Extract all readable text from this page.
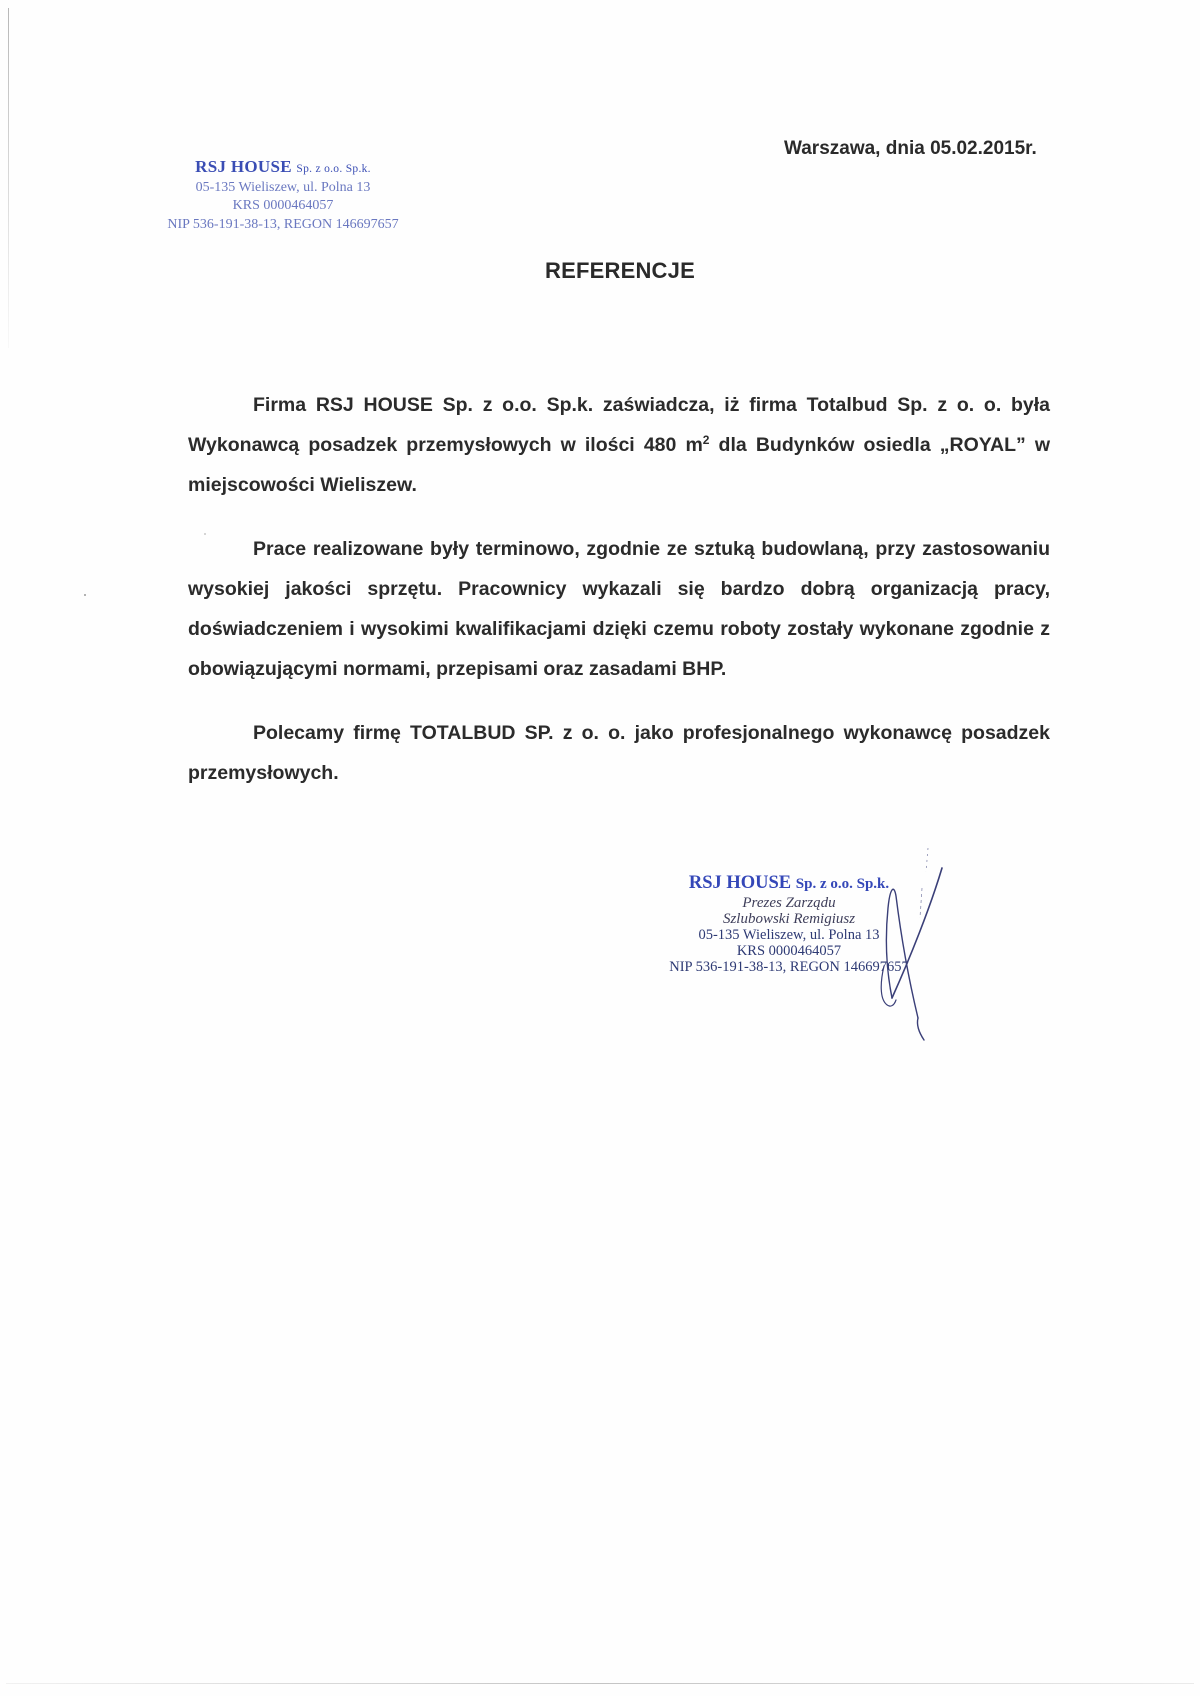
RSJ HOUSE Sp. z o.o. Sp.k.
05-135 Wieliszew, ul. Polna 13
KRS 0000464057
NIP 536-191-38-13, REGON 146697657
Warszawa, dnia 05.02.2015r.
REFERENCJE

Firma RSJ HOUSE Sp. z o.o. Sp.k. zaświadcza, iż firma Totalbud Sp. z o. o. była Wykonawcą posadzek przemysłowych w ilości 480 $m^2$ dla Budynków osiedla „ROYAL” w miejscowości Wieliszew.

Prace realizowane były terminowo, zgodnie ze sztuką budowlaną, przy zastosowaniu wysokiej jakości sprzętu. Pracownicy wykazali się bardzo dobrą organizacją pracy, doświadczeniem i wysokimi kwalifikacjami dzięki czemu roboty zostały wykonane zgodnie z obowiązującymi normami, przepisami oraz zasadami BHP.

Polecamy firmę TOTALBUD SP. z o. o. jako profesjonalnego wykonawcę posadzek przemysłowych.

RSJ HOUSE Sp. z o.o. Sp.k.
Prezes Zarządu
Szlubowski Remigiusz
05-135 Wieliszew, ul. Polna 13
KRS 0000464057
NIP 536-191-38-13, REGON 146697657
